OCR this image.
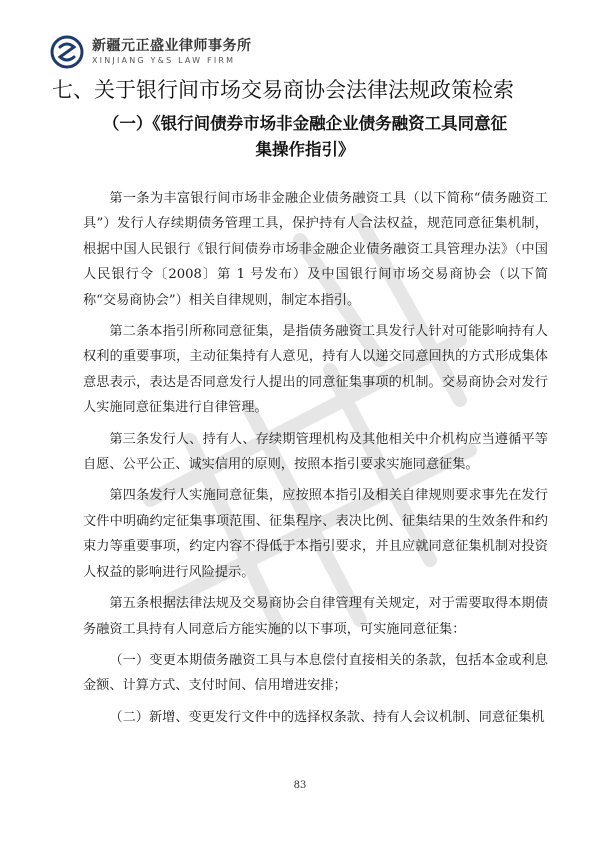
新疆元正盛业律师事务所
XINJIANG Y&S LAW FIRM
七、关于银行间市场交易商协会法律法规政策检索
（一）《银行间债券市场非金融企业债务融资工具同意征
集操作指引》

第一条为丰富银行间市场非金融企业债务融资工具（以下简称“债务融资工具”）发行人存续期债务管理工具，保护持有人合法权益，规范同意征集机制，根据中国人民银行《银行间债券市场非金融企业债务融资工具管理办法》（中国人民银行令〔2008〕第 1 号发布）及中国银行间市场交易商协会（以下简称“交易商协会”）相关自律规则，制定本指引。

第二条本指引所称同意征集，是指债务融资工具发行人针对可能影响持有人权利的重要事项，主动征集持有人意见，持有人以递交同意回执的方式形成集体意思表示，表达是否同意发行人提出的同意征集事项的机制。交易商协会对发行人实施同意征集进行自律管理。

第三条发行人、持有人、存续期管理机构及其他相关中介机构应当遵循平等自愿、公平公正、诚实信用的原则，按照本指引要求实施同意征集。

第四条发行人实施同意征集，应按照本指引及相关自律规则要求事先在发行文件中明确约定征集事项范围、征集程序、表决比例、征集结果的生效条件和约束力等重要事项，约定内容不得低于本指引要求，并且应就同意征集机制对投资人权益的影响进行风险提示。

第五条根据法律法规及交易商协会自律管理有关规定，对于需要取得本期债务融资工具持有人同意后方能实施的以下事项，可实施同意征集：

（一）变更本期债务融资工具与本息偿付直接相关的条款，包括本金或利息金额、计算方式、支付时间、信用增进安排；

（二）新增、变更发行文件中的选择权条款、持有人会议机制、同意征集机

83
